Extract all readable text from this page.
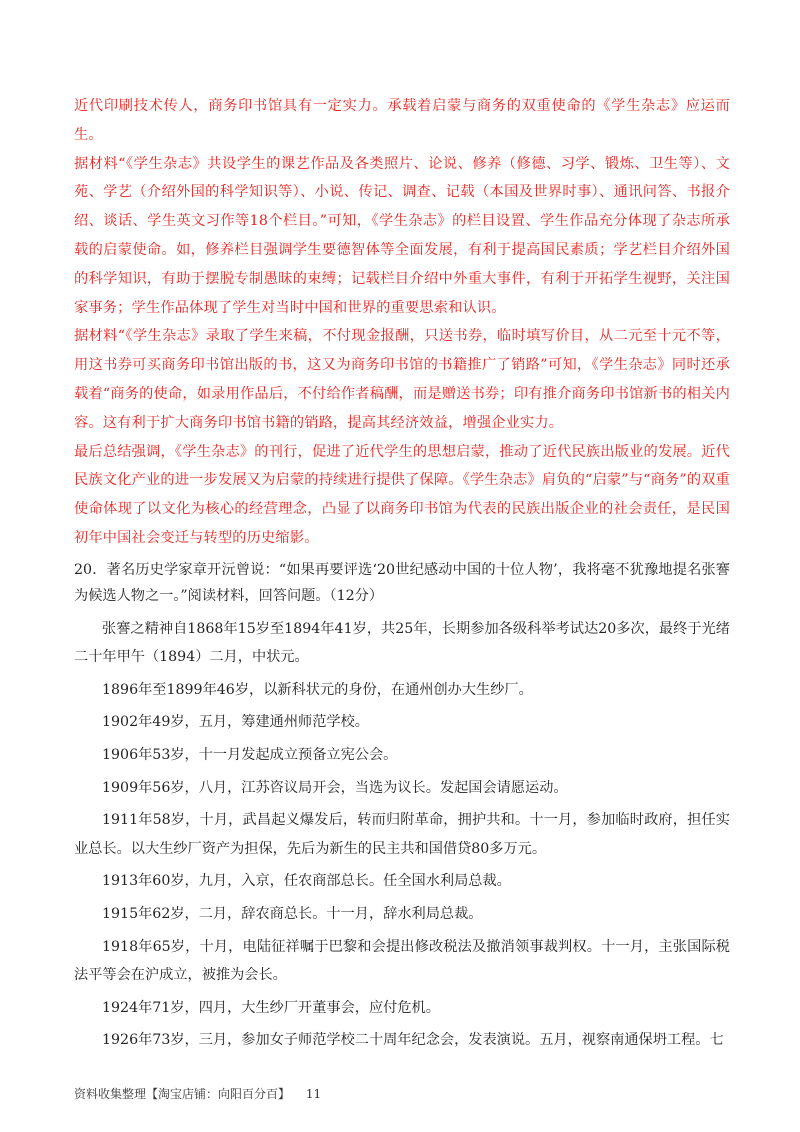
近代印刷技术传人，商务印书馆具有一定实力。承载着启蒙与商务的双重使命的《学生杂志》应运而生。

据材料“《学生杂志》共设学生的课艺作品及各类照片、论说、修养（修德、习学、锻炼、卫生等）、文苑、学艺（介绍外国的科学知识等）、小说、传记、调查、记载（本国及世界时事）、通讯问答、书报介绍、谈话、学生英文习作等18个栏目。”可知，《学生杂志》的栏目设置、学生作品充分体现了杂志所承载的启蒙使命。如，修养栏目强调学生要德智体等全面发展，有利于提高国民素质；学艺栏目介绍外国的科学知识，有助于摆脱专制愚昧的束缚；记载栏目介绍中外重大事件，有利于开拓学生视野，关注国家事务；学生作品体现了学生对当时中国和世界的重要思索和认识。

据材料“《学生杂志》录取了学生来稿，不付现金报酬，只送书券，临时填写价目，从二元至十元不等，用这书券可买商务印书馆出版的书，这又为商务印书馆的书籍推广了销路”可知，《学生杂志》同时还承载着“商务的使命，如录用作品后，不付给作者稿酬，而是赠送书券；印有推介商务印书馆新书的相关内容。这有利于扩大商务印书馆书籍的销路，提高其经济效益，增强企业实力。

最后总结强调，《学生杂志》的刊行，促进了近代学生的思想启蒙，推动了近代民族出版业的发展。近代民族文化产业的进一步发展又为启蒙的持续进行提供了保障。《学生杂志》肩负的“启蒙”与“商务”的双重使命体现了以文化为核心的经营理念，凸显了以商务印书馆为代表的民族出版企业的社会责任，是民国初年中国社会变迁与转型的历史缩影。

20．著名历史学家章开沅曾说：“如果再要评选‘20世纪感动中国的十位人物’，我将毫不犹豫地提名张謇为候选人物之一。”阅读材料，回答问题。（12分）

张謇之精神自1868年15岁至1894年41岁，共25年，长期参加各级科举考试达20多次，最终于光绪二十年甲午（1894）二月，中状元。

1896年至1899年46岁，以新科状元的身份，在通州创办大生纱厂。

1902年49岁，五月，筹建通州师范学校。

1906年53岁，十一月发起成立预备立宪公会。

1909年56岁，八月，江苏咨议局开会，当选为议长。发起国会请愿运动。

1911年58岁，十月，武昌起义爆发后，转而归附革命，拥护共和。十一月，参加临时政府，担任实业总长。以大生纱厂资产为担保，先后为新生的民主共和国借贷80多万元。

1913年60岁，九月，入京，任农商部总长。任全国水利局总裁。

1915年62岁，二月，辞农商总长。十一月，辞水利局总裁。

1918年65岁，十月，电陆征祥嘱于巴黎和会提出修改税法及撤消领事裁判权。十一月，主张国际税法平等会在沪成立，被推为会长。

1924年71岁，四月，大生纱厂开董事会，应付危机。

1926年73岁，三月，参加女子师范学校二十周年纪念会，发表演说。五月，视察南通保坍工程。七

资料收集整理【淘宝店铺：向阳百分百】 11
